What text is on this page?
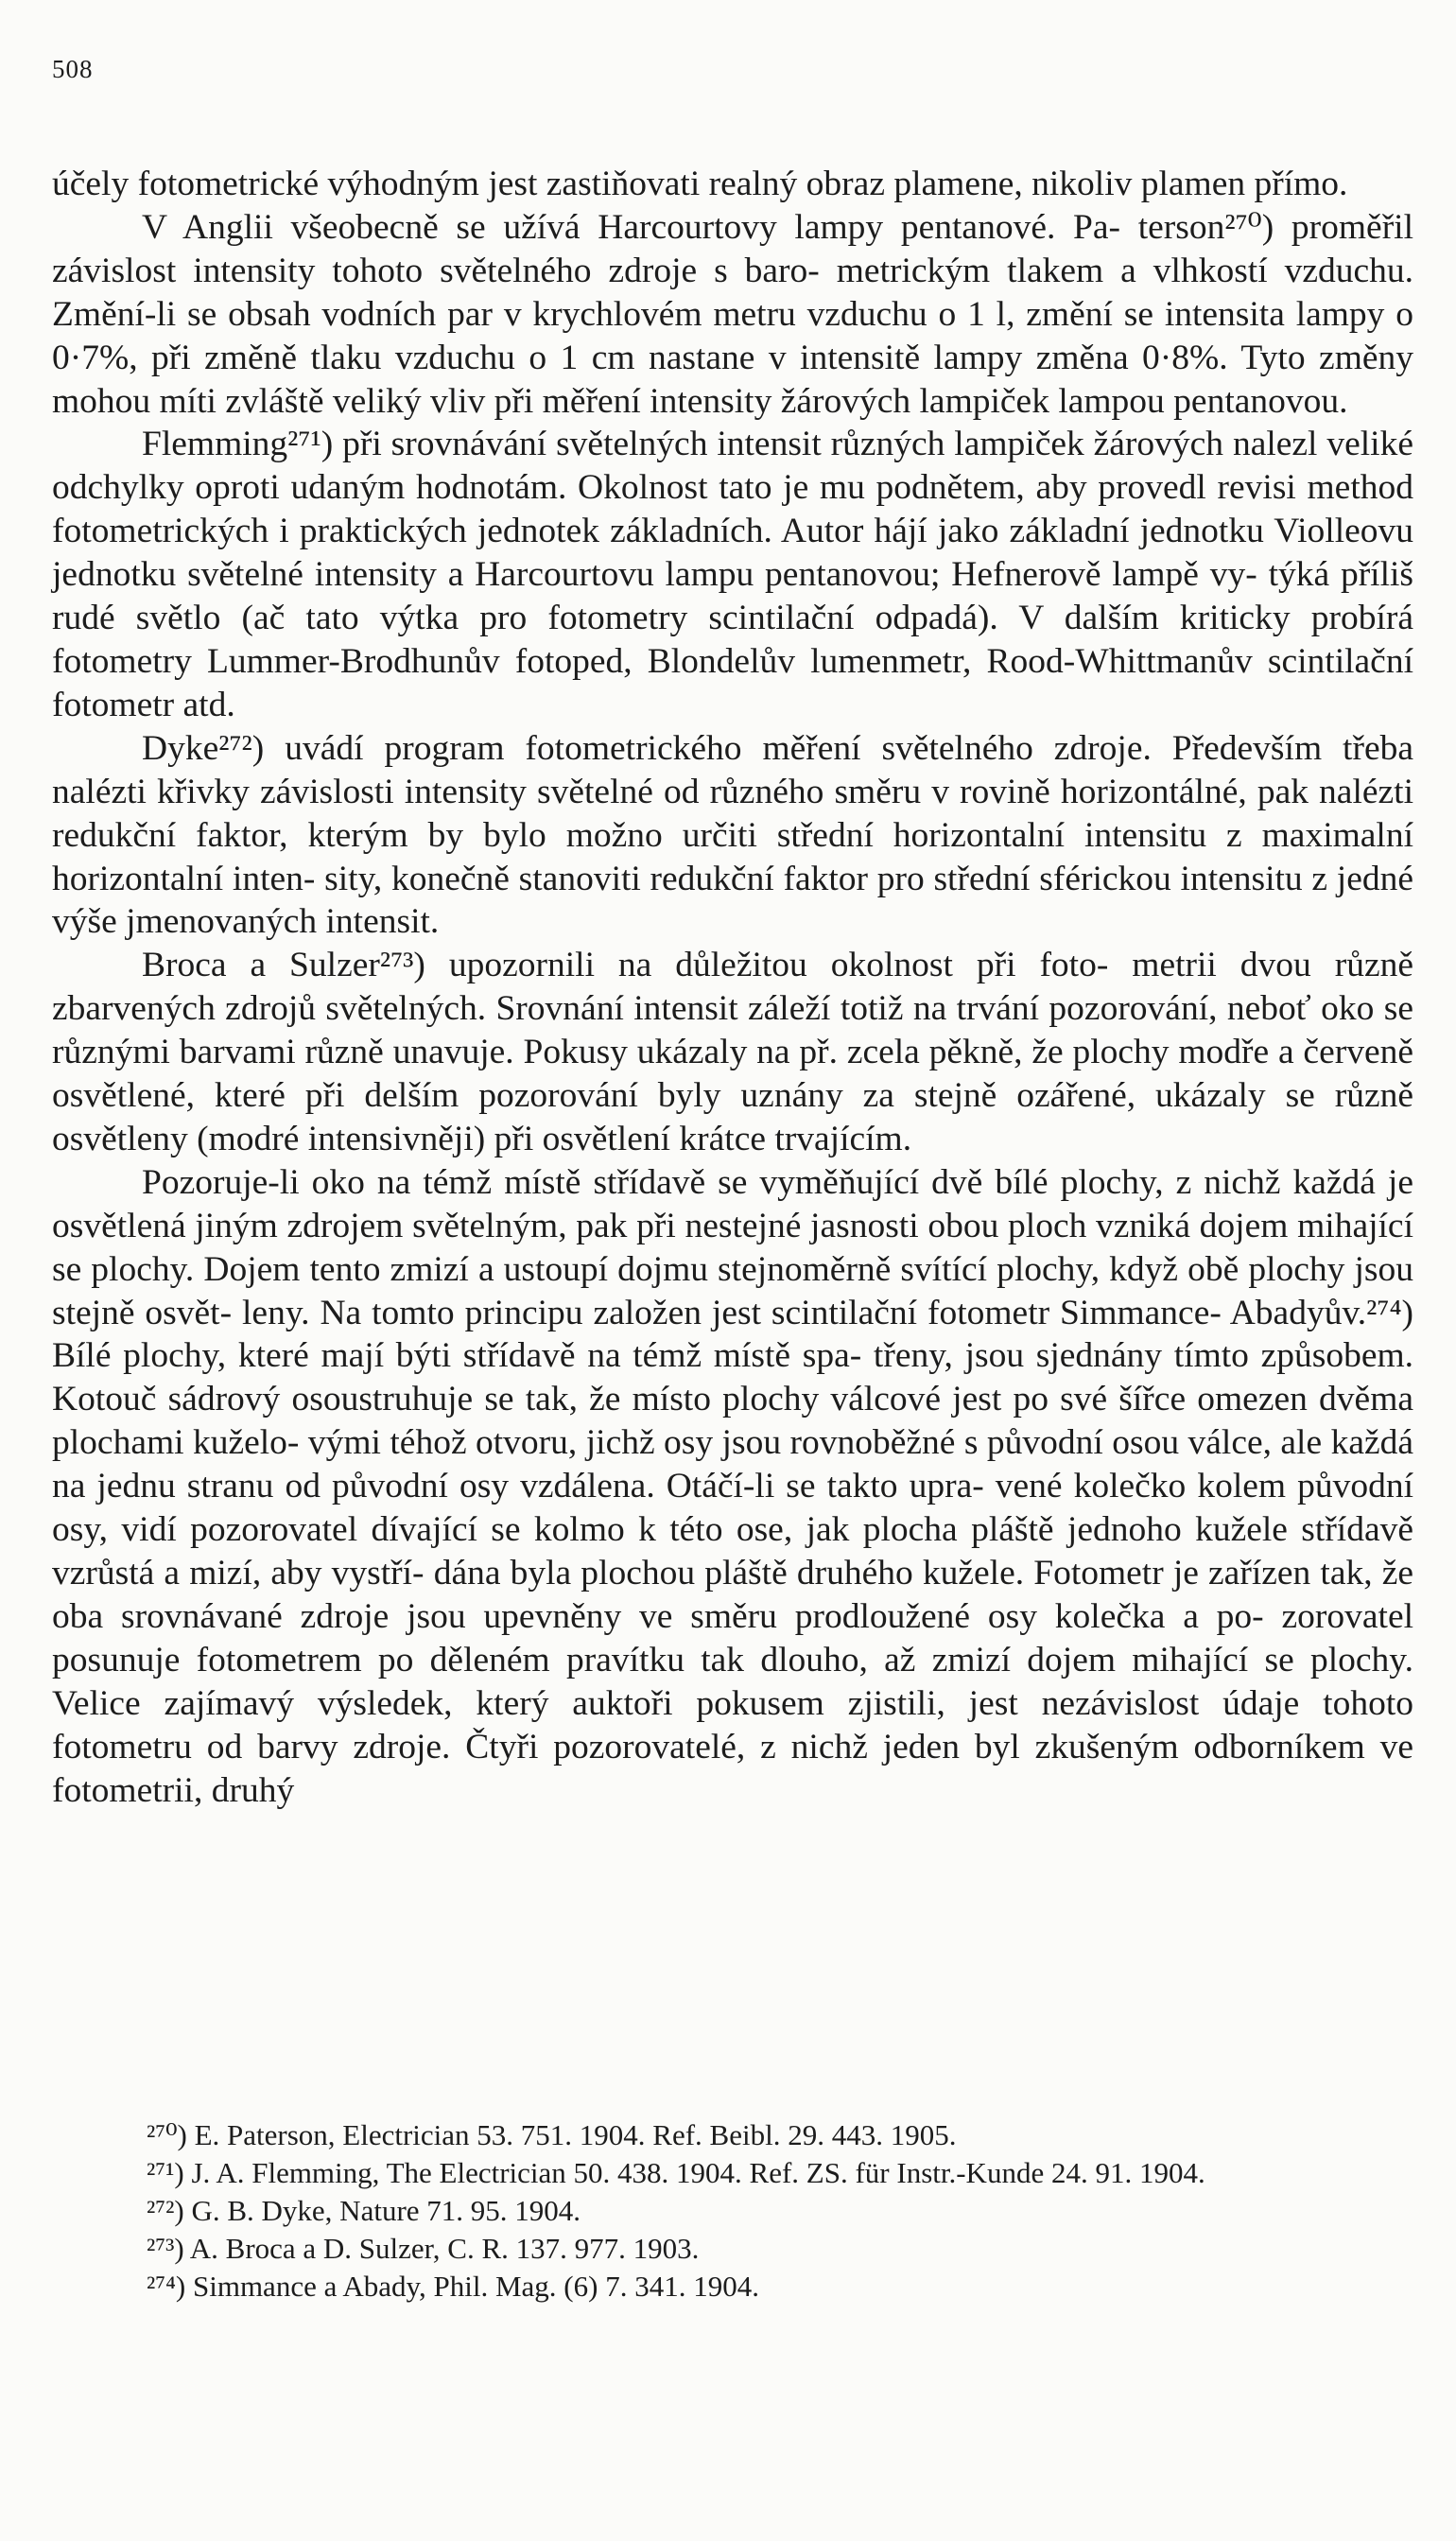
508

účely fotometrické výhodným jest zastiňovati realný obraz plamene, nikoliv plamen přímo.

V Anglii všeobecně se užívá Harcourtovy lampy pentanové. Pa- terson²⁷⁰) proměřil závislost intensity tohoto světelného zdroje s baro- metrickým tlakem a vlhkostí vzduchu. Změní-li se obsah vodních par v krychlovém metru vzduchu o 1 l, změní se intensita lampy o 0·7%, při změně tlaku vzduchu o 1 cm nastane v intensitě lampy změna 0·8%. Tyto změny mohou míti zvláště veliký vliv při měření intensity žárových lampiček lampou pentanovou.

Flemming²⁷¹) při srovnávání světelných intensit různých lampiček žárových nalezl veliké odchylky oproti udaným hodnotám. Okolnost tato je mu podnětem, aby provedl revisi method fotometrických i praktických jednotek základních. Autor hájí jako základní jednotku Violleovu jednotku světelné intensity a Harcourtovu lampu pentanovou; Hefnerově lampě vy- týká příliš rudé světlo (ač tato výtka pro fotometry scintilační odpadá). V dalším kriticky probírá fotometry Lummer-Brodhunův fotoped, Blondelův lumenmetr, Rood-Whittmanův scintilační fotometr atd.

Dyke²⁷²) uvádí program fotometrického měření světelného zdroje. Především třeba nalézti křivky závislosti intensity světelné od různého směru v rovině horizontálné, pak nalézti redukční faktor, kterým by bylo možno určiti střední horizontalní intensitu z maximalní horizontalní inten- sity, konečně stanoviti redukční faktor pro střední sférickou intensitu z jedné výše jmenovaných intensit.

Broca a Sulzer²⁷³) upozornili na důležitou okolnost při foto- metrii dvou různě zbarvených zdrojů světelných. Srovnání intensit záleží totiž na trvání pozorování, neboť oko se různými barvami různě unavuje. Pokusy ukázaly na př. zcela pěkně, že plochy modře a červeně osvětlené, které při delším pozorování byly uznány za stejně ozářené, ukázaly se různě osvětleny (modré intensivněji) při osvětlení krátce trvajícím.

Pozoruje-li oko na témž místě střídavě se vyměňující dvě bílé plochy, z nichž každá je osvětlená jiným zdrojem světelným, pak při nestejné jasnosti obou ploch vzniká dojem mihající se plochy. Dojem tento zmizí a ustoupí dojmu stejnoměrně svítící plochy, když obě plochy jsou stejně osvět- leny. Na tomto principu založen jest scintilační fotometr Simmance- Abadyův.²⁷⁴) Bílé plochy, které mají býti střídavě na témž místě spa- třeny, jsou sjednány tímto způsobem. Kotouč sádrový osoustruhuje se tak, že místo plochy válcové jest po své šířce omezen dvěma plochami kuželo- vými téhož otvoru, jichž osy jsou rovnoběžné s původní osou válce, ale každá na jednu stranu od původní osy vzdálena. Otáčí-li se takto upra- vené kolečko kolem původní osy, vidí pozorovatel dívající se kolmo k této ose, jak plocha pláště jednoho kužele střídavě vzrůstá a mizí, aby vystří- dána byla plochou pláště druhého kužele. Fotometr je zařízen tak, že oba srovnávané zdroje jsou upevněny ve směru prodloužené osy kolečka a po- zorovatel posunuje fotometrem po děleném pravítku tak dlouho, až zmizí dojem mihající se plochy. Velice zajímavý výsledek, který auktoři pokusem zjistili, jest nezávislost údaje tohoto fotometru od barvy zdroje. Čtyři pozorovatelé, z nichž jeden byl zkušeným odborníkem ve fotometrii, druhý

²⁷⁰) E. Paterson, Electrician 53. 751. 1904. Ref. Beibl. 29. 443. 1905.

²⁷¹) J. A. Flemming, The Electrician 50. 438. 1904. Ref. ZS. für Instr.-Kunde 24. 91. 1904.

²⁷²) G. B. Dyke, Nature 71. 95. 1904.

²⁷³) A. Broca a D. Sulzer, C. R. 137. 977. 1903.

²⁷⁴) Simmance a Abady, Phil. Mag. (6) 7. 341. 1904.
